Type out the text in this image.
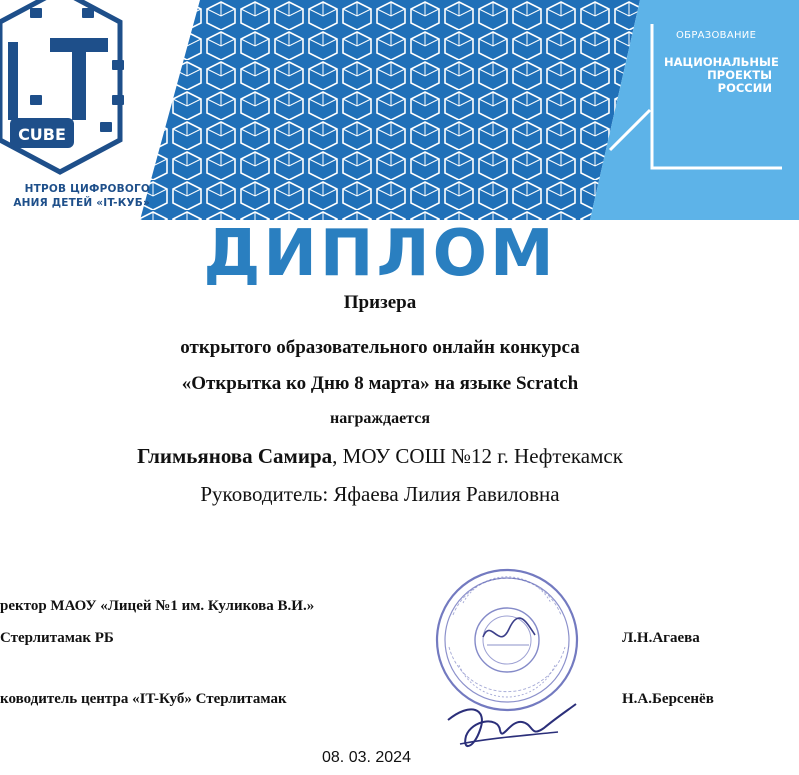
CUBE
НТРОВ ЦИФРОВОГО
АНИЯ ДЕТЕЙ «IT-КУБ»
ОБРАЗОВАНИЕ
НАЦИОНАЛЬНЫЕ
ПРОЕКТЫ
РОССИИ
ДИПЛОМ
Призера
открытого образовательного онлайн конкурса
«Открытка ко Дню 8 марта» на языке Scratch
награждается
Глимьянова Самира, МОУ СОШ №12 г. Нефтекамск
Руководитель: Яфаева Лилия Равиловна
ректор МАОУ «Лицей №1 им. Куликова В.И.»
Стерлитамак РБ	Л.Н.Агаева
ководитель центра «IT-Куб» Стерлитамак	Н.А.Берсенёв
08. 03. 2024
